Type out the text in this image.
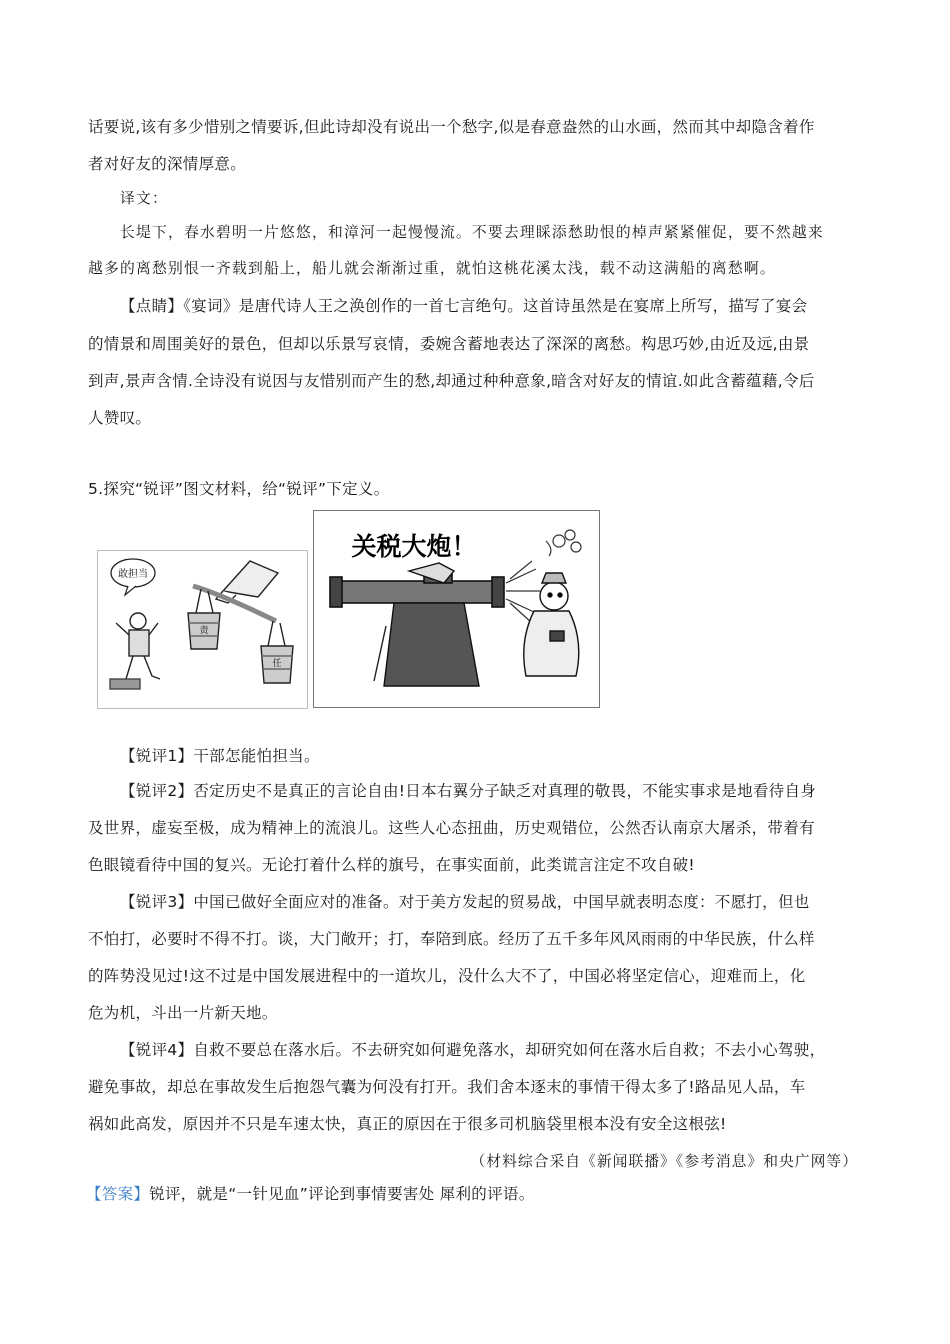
话要说,该有多少惜别之情要诉,但此诗却没有说出一个愁字,似是春意盎然的山水画，然而其中却隐含着作
者对好友的深情厚意。
译文：
长堤下，春水碧明一片悠悠，和漳河一起慢慢流。不要去理睬添愁助恨的棹声紧紧催促，要不然越来
越多的离愁别恨一齐载到船上，船儿就会渐渐过重，就怕这桃花溪太浅，载不动这满船的离愁啊。
【点睛】《宴词》是唐代诗人王之涣创作的一首七言绝句。这首诗虽然是在宴席上所写，描写了宴会
的情景和周围美好的景色，但却以乐景写哀情，委婉含蓄地表达了深深的离愁。构思巧妙,由近及远,由景
到声,景声含情.全诗没有说因与友惜别而产生的愁,却通过种种意象,暗含对好友的情谊.如此含蓄蕴藉,令后
人赞叹。
5.探究“锐评”图文材料，给“锐评”下定义。
敢担当
责
任
关税大炮！
【锐评1】干部怎能怕担当。
【锐评2】否定历史不是真正的言论自由!日本右翼分子缺乏对真理的敬畏，不能实事求是地看待自身
及世界，虚妄至极，成为精神上的流浪儿。这些人心态扭曲，历史观错位，公然否认南京大屠杀，带着有
色眼镜看待中国的复兴。无论打着什么样的旗号，在事实面前，此类谎言注定不攻自破!
【锐评3】中国已做好全面应对的准备。对于美方发起的贸易战，中国早就表明态度：不愿打，但也
不怕打，必要时不得不打。谈，大门敞开；打，奉陪到底。经历了五千多年风风雨雨的中华民族，什么样
的阵势没见过!这不过是中国发展进程中的一道坎儿，没什么大不了，中国必将坚定信心，迎难而上，化
危为机，斗出一片新天地。
【锐评4】自救不要总在落水后。不去研究如何避免落水，却研究如何在落水后自救；不去小心驾驶，
避免事故，却总在事故发生后抱怨气囊为何没有打开。我们舍本逐末的事情干得太多了!路品见人品，车
祸如此高发，原因并不只是车速太快，真正的原因在于很多司机脑袋里根本没有安全这根弦!
（材料综合采自《新闻联播》《参考消息》和央广网等）
【答案】锐评，就是“一针见血”评论到事情要害处 犀利的评语。
